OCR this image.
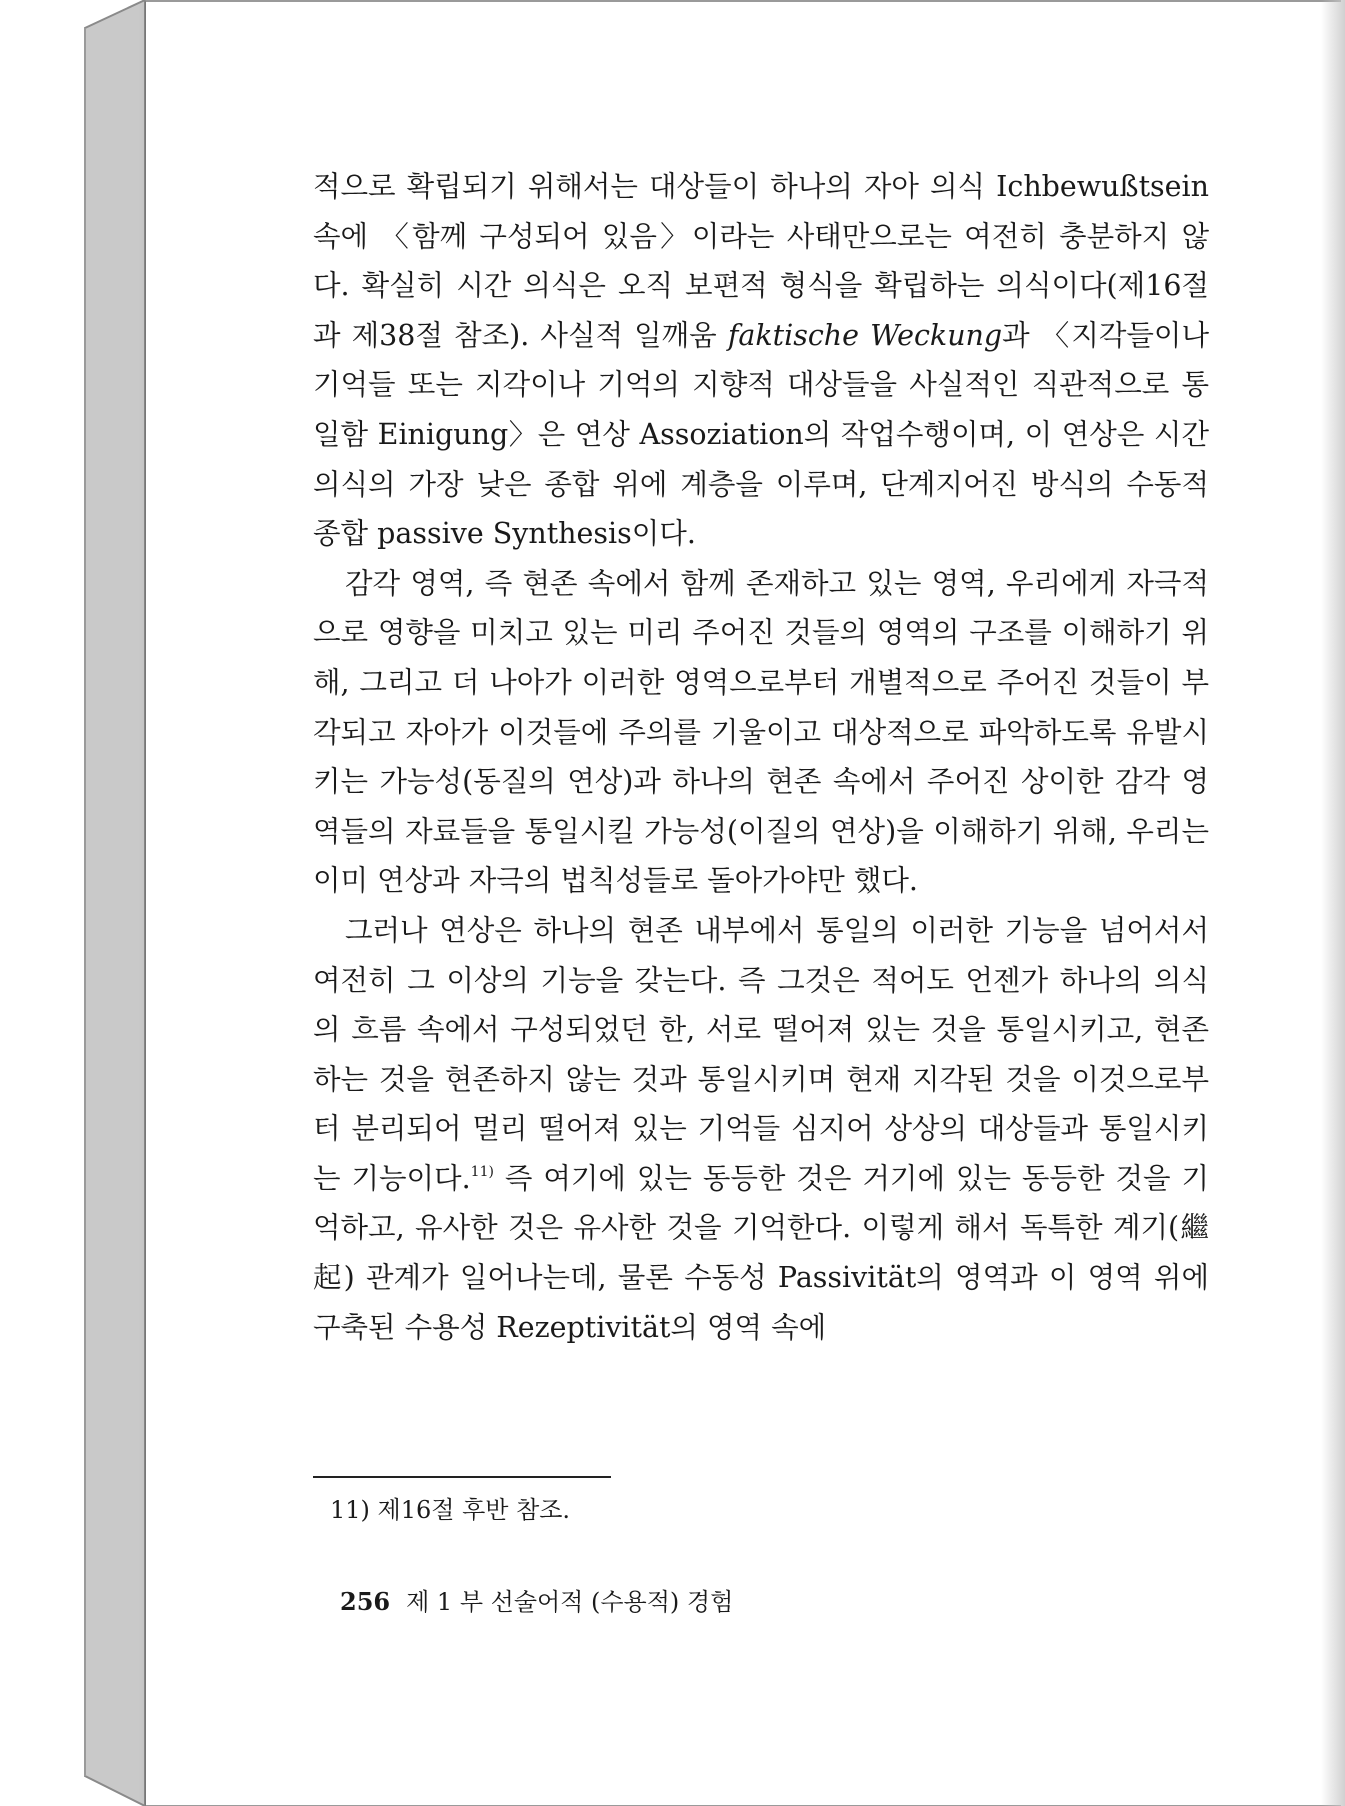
적으로 확립되기 위해서는 대상들이 하나의 자아 의식 Ichbewußtsein 속에 〈함께 구성되어 있음〉이라는 사태만으로는 여전히 충분하지 않다. 확실히 시간 의식은 오직 보편적 형식을 확립하는 의식이다(제16절과 제38절 참조). 사실적 일깨움 faktische Weckung과 〈지각들이나 기억들 또는 지각이나 기억의 지향적 대상들을 사실적인 직관적으로 통일함 Einigung〉은 연상 Assoziation의 작업수행이며, 이 연상은 시간 의식의 가장 낮은 종합 위에 계층을 이루며, 단계지어진 방식의 수동적 종합 passive Synthesis이다.

감각 영역, 즉 현존 속에서 함께 존재하고 있는 영역, 우리에게 자극적으로 영향을 미치고 있는 미리 주어진 것들의 영역의 구조를 이해하기 위해, 그리고 더 나아가 이러한 영역으로부터 개별적으로 주어진 것들이 부각되고 자아가 이것들에 주의를 기울이고 대상적으로 파악하도록 유발시키는 가능성(동질의 연상)과 하나의 현존 속에서 주어진 상이한 감각 영역들의 자료들을 통일시킬 가능성(이질의 연상)을 이해하기 위해, 우리는 이미 연상과 자극의 법칙성들로 돌아가야만 했다.

그러나 연상은 하나의 현존 내부에서 통일의 이러한 기능을 넘어서서 여전히 그 이상의 기능을 갖는다. 즉 그것은 적어도 언젠가 하나의 의식의 흐름 속에서 구성되었던 한, 서로 떨어져 있는 것을 통일시키고, 현존하는 것을 현존하지 않는 것과 통일시키며 현재 지각된 것을 이것으로부터 분리되어 멀리 떨어져 있는 기억들 심지어 상상의 대상들과 통일시키는 기능이다.$^{11)}$ 즉 여기에 있는 동등한 것은 거기에 있는 동등한 것을 기억하고, 유사한 것은 유사한 것을 기억한다. 이렇게 해서 독특한 계기(繼起) 관계가 일어나는데, 물론 수동성 Passivität의 영역과 이 영역 위에 구축된 수용성 Rezeptivität의 영역 속에

11) 제16절 후반 참조.
256 제 1 부 선술어적 (수용적) 경험
